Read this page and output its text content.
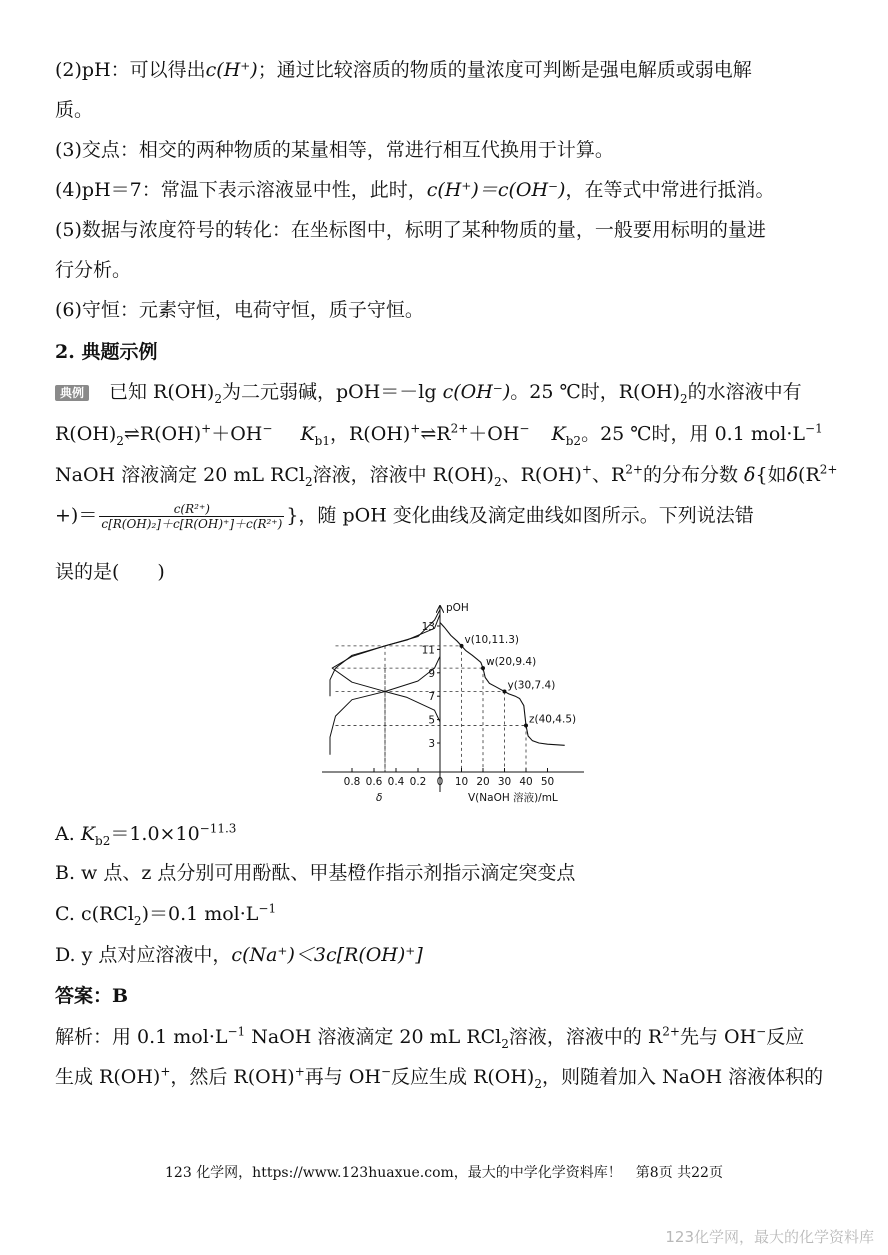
(2)pH：可以得出c(H⁺)；通过比较溶质的物质的量浓度可判断是强电解质或弱电解
质。
(3)交点：相交的两种物质的某量相等，常进行相互代换用于计算。
(4)pH＝7：常温下表示溶液显中性，此时，c(H⁺)＝c(OH⁻)，在等式中常进行抵消。
(5)数据与浓度符号的转化：在坐标图中，标明了某种物质的量，一般要用标明的量进
行分析。
(6)守恒：元素守恒，电荷守恒，质子守恒。
2. 典题示例
典例 已知 $R(OH)_2$为二元弱碱，pOH＝－lg c(OH⁻)。25 ℃时，$R(OH)_2$的水溶液中有
$R(OH)_2\rightleftharpoons R(OH)^++OH^-$ $K_{b1}$，$R(OH)^+\rightleftharpoons R^{2+}+OH^-$ $K_{b2}$。25 ℃时，用 0.1 $mol\cdot L^{-1}$
NaOH 溶液滴定 20 mL RCl$_2$溶液，溶液中 $R(OH)_2$、R(OH)+、$R^{2+}$的分布分数 δ{如$\delta(R^{2+}$
+)＝ $\frac{\text{c(R²⁺)}}{\text{c[R(OH)₂]＋c[R(OH)⁺]＋c(R²⁺)}}$ }，随 pOH 变化曲线及滴定曲线如图所示。下列说法错
误的是(　　)
pOH
3
5
7
9
11
13
0.8 0.6 0.4 0.2 0 10 20 30 40 50
v(10,11.3)
w(20,9.4)
y(30,7.4)
z(40,4.5)
δ	V(NaOH 溶液)/mL
A. $K_{b2}=1.0\times 10^{-11.3}$
B. w 点、z 点分别可用酚酞、甲基橙作指示剂指示滴定突变点
C. c(RCl$_2$)＝0.1 $mol\cdot L^{-1}$
D. y 点对应溶液中，c(Na⁺)＜3c[R(OH)⁺]
答案：B
解析：用 0.1 $mol\cdot L^{-1}$ NaOH 溶液滴定 20 mL RCl$_2$溶液，溶液中的 $R^{2+}$先与 OH−反应
生成 R(OH)+，然后 R(OH)+再与 OH−反应生成 $R(OH)_2$，则随着加入 NaOH 溶液体积的
123 化学网，https://www.123huaxue.com，最大的中学化学资料库！　第8页 共22页
123化学网，最大的化学资料库
